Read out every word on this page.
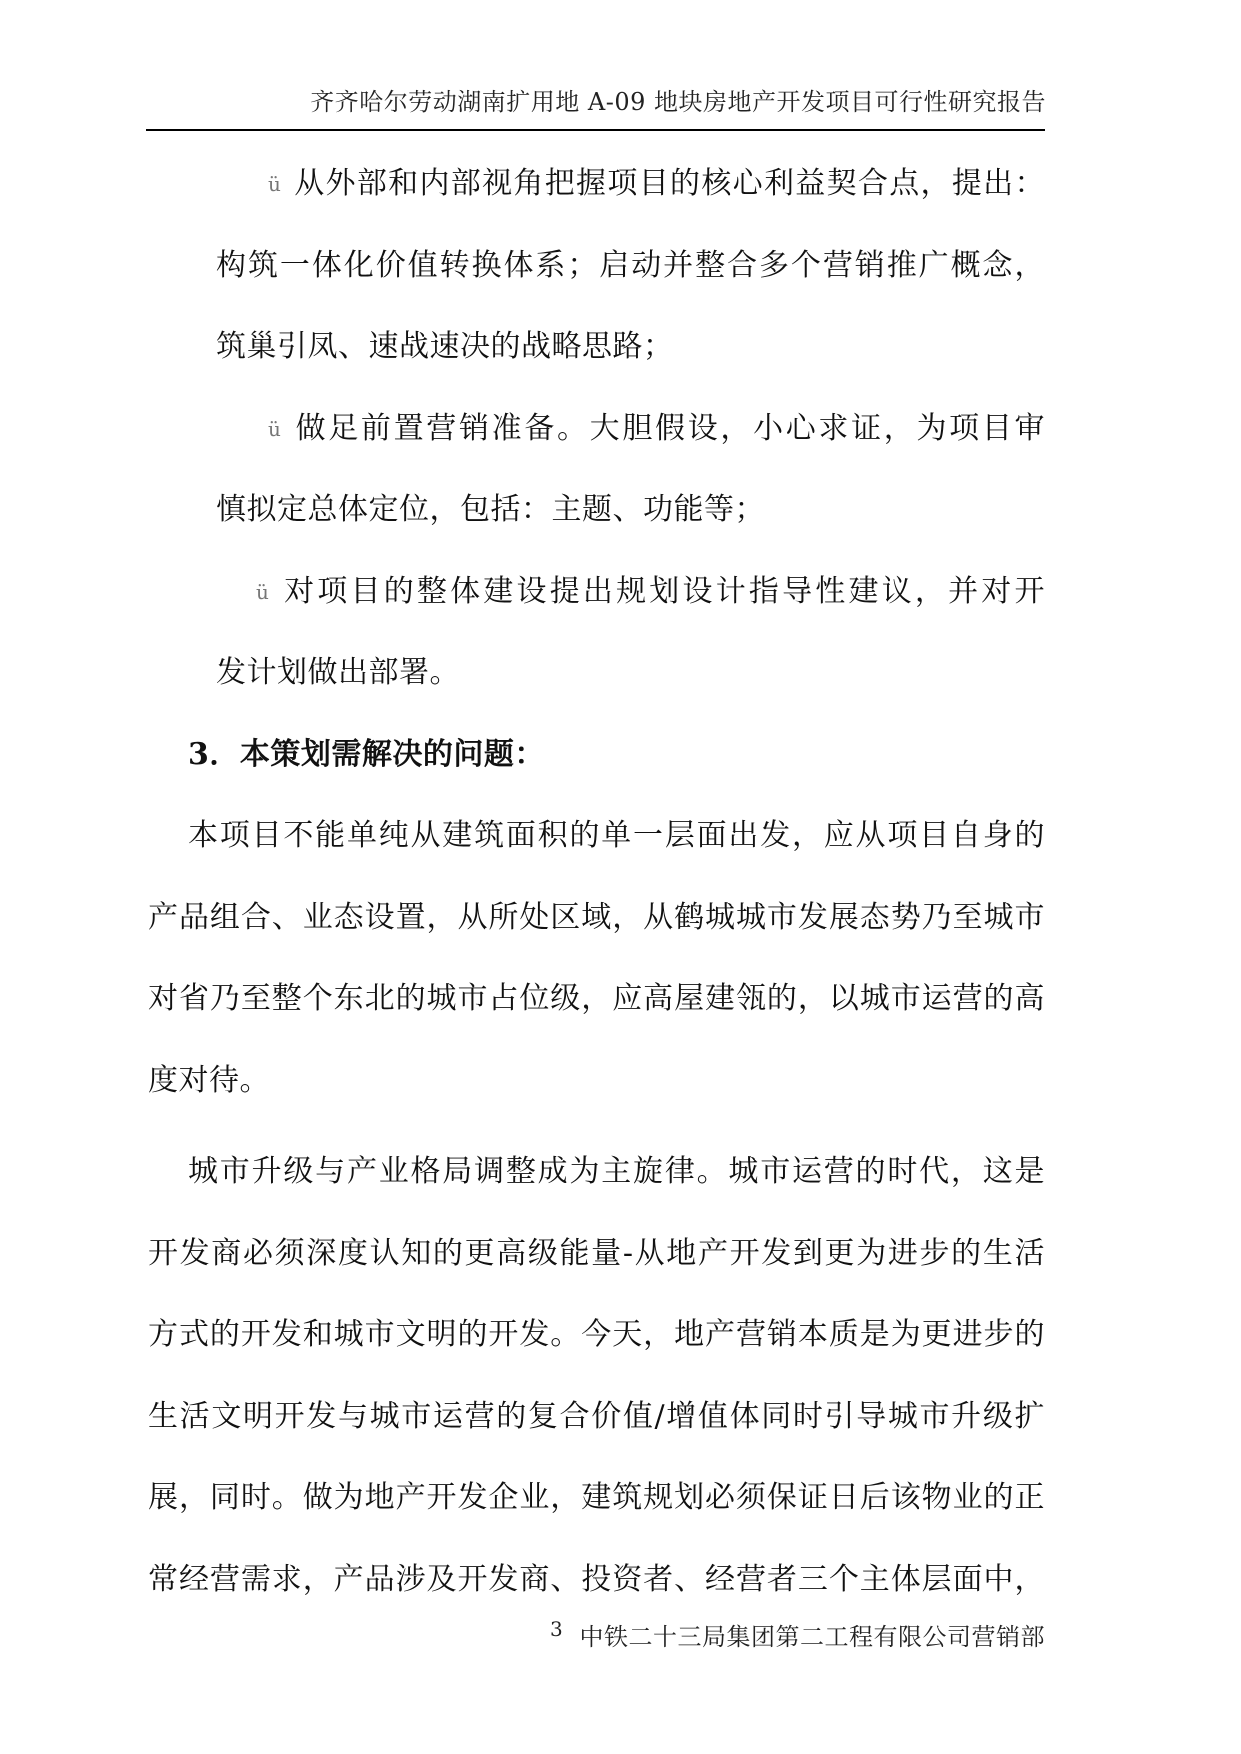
齐齐哈尔劳动湖南扩用地 A-09 地块房地产开发项目可行性研究报告
ü 从外部和内部视角把握项目的核心利益契合点，提出：
构筑一体化价值转换体系；启动并整合多个营销推广概念，
筑巢引凤、速战速决的战略思路；
ü 做足前置营销准备。大胆假设，小心求证，为项目审
慎拟定总体定位，包括：主题、功能等；
ü 对项目的整体建设提出规划设计指导性建议，并对开
发计划做出部署。
3．本策划需解决的问题：
本项目不能单纯从建筑面积的单一层面出发，应从项目自身的
产品组合、业态设置，从所处区域，从鹤城城市发展态势乃至城市
对省乃至整个东北的城市占位级，应高屋建瓴的，以城市运营的高
度对待。
城市升级与产业格局调整成为主旋律。城市运营的时代，这是
开发商必须深度认知的更高级能量-从地产开发到更为进步的生活
方式的开发和城市文明的开发。今天，地产营销本质是为更进步的
生活文明开发与城市运营的复合价值/增值体同时引导城市升级扩
展，同时。做为地产开发企业，建筑规划必须保证日后该物业的正
常经营需求，产品涉及开发商、投资者、经营者三个主体层面中，
3 中铁二十三局集团第二工程有限公司营销部
